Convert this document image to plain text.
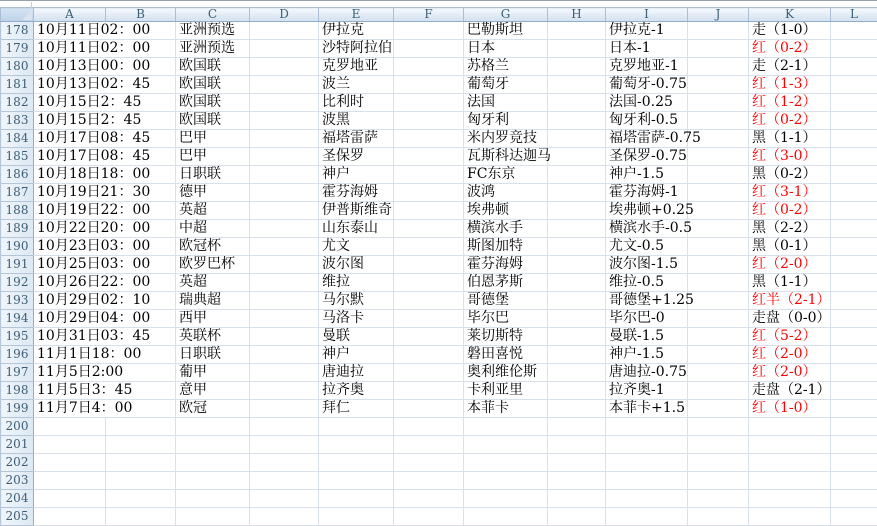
	A	B	C	D	E	F	G	H	I	J	K	L
178	10月11日02：00		亚洲预选		伊拉克		巴勒斯坦		伊拉克-1		走（1-0）	
179	10月11日02：00		亚洲预选		沙特阿拉伯		日本		日本-1		红（0-2）	
180	10月13日00：00		欧国联		克罗地亚		苏格兰		克罗地亚-1		走（2-1）	
181	10月13日02：45		欧国联		波兰		葡萄牙		葡萄牙-0.75		红（1-3）	
182	10月15日2：45		欧国联		比利时		法国		法国-0.25		红（1-2）	
183	10月15日2：45		欧国联		波黑		匈牙利		匈牙利-0.5		红（0-2）	
184	10月17日08：45		巴甲		福塔雷萨		米内罗竞技		福塔雷萨-0.75		黑（1-1）	
185	10月17日08：45		巴甲		圣保罗		瓦斯科达迦马		圣保罗-0.75		红（3-0）	
186	10月18日18：00		日职联		神户		FC东京		神户-1.5		黑（0-2）	
187	10月19日21：30		德甲		霍芬海姆		波鸿		霍芬海姆-1		红（3-1）	
188	10月19日22：00		英超		伊普斯维奇		埃弗顿		埃弗顿+0.25		红（0-2）	
189	10月22日20：00		中超		山东泰山		横滨水手		横滨水手-0.5		黑（2-2）	
190	10月23日03：00		欧冠杯		尤文		斯图加特		尤文-0.5		黑（0-1）	
191	10月25日03：00		欧罗巴杯		波尔图		霍芬海姆		波尔图-1.5		红（2-0）	
192	10月26日22：00		英超		维拉		伯恩茅斯		维拉-0.5		黑（1-1）	
193	10月29日02：10		瑞典超		马尔默		哥德堡		哥德堡+1.25		红半（2-1）	
194	10月29日04：00		西甲		马洛卡		毕尔巴		毕尔巴-0		走盘（0-0）	
195	10月31日03：45		英联杯		曼联		莱切斯特		曼联-1.5		红（5-2）	
196	11月1日18：00		日职联		神户		磐田喜悦		神户-1.5		红（2-0）	
197	11月5日2:00		葡甲		唐迪拉		奥利维伦斯		唐迪拉-0.75		红（2-0）	
198	11月5日3：45		意甲		拉齐奥		卡利亚里		拉齐奥-1		走盘（2-1）	
199	11月7日4：00		欧冠		拜仁		本菲卡		本菲卡+1.5		红（1-0）	
200												
201												
202												
203												
204												
205												
